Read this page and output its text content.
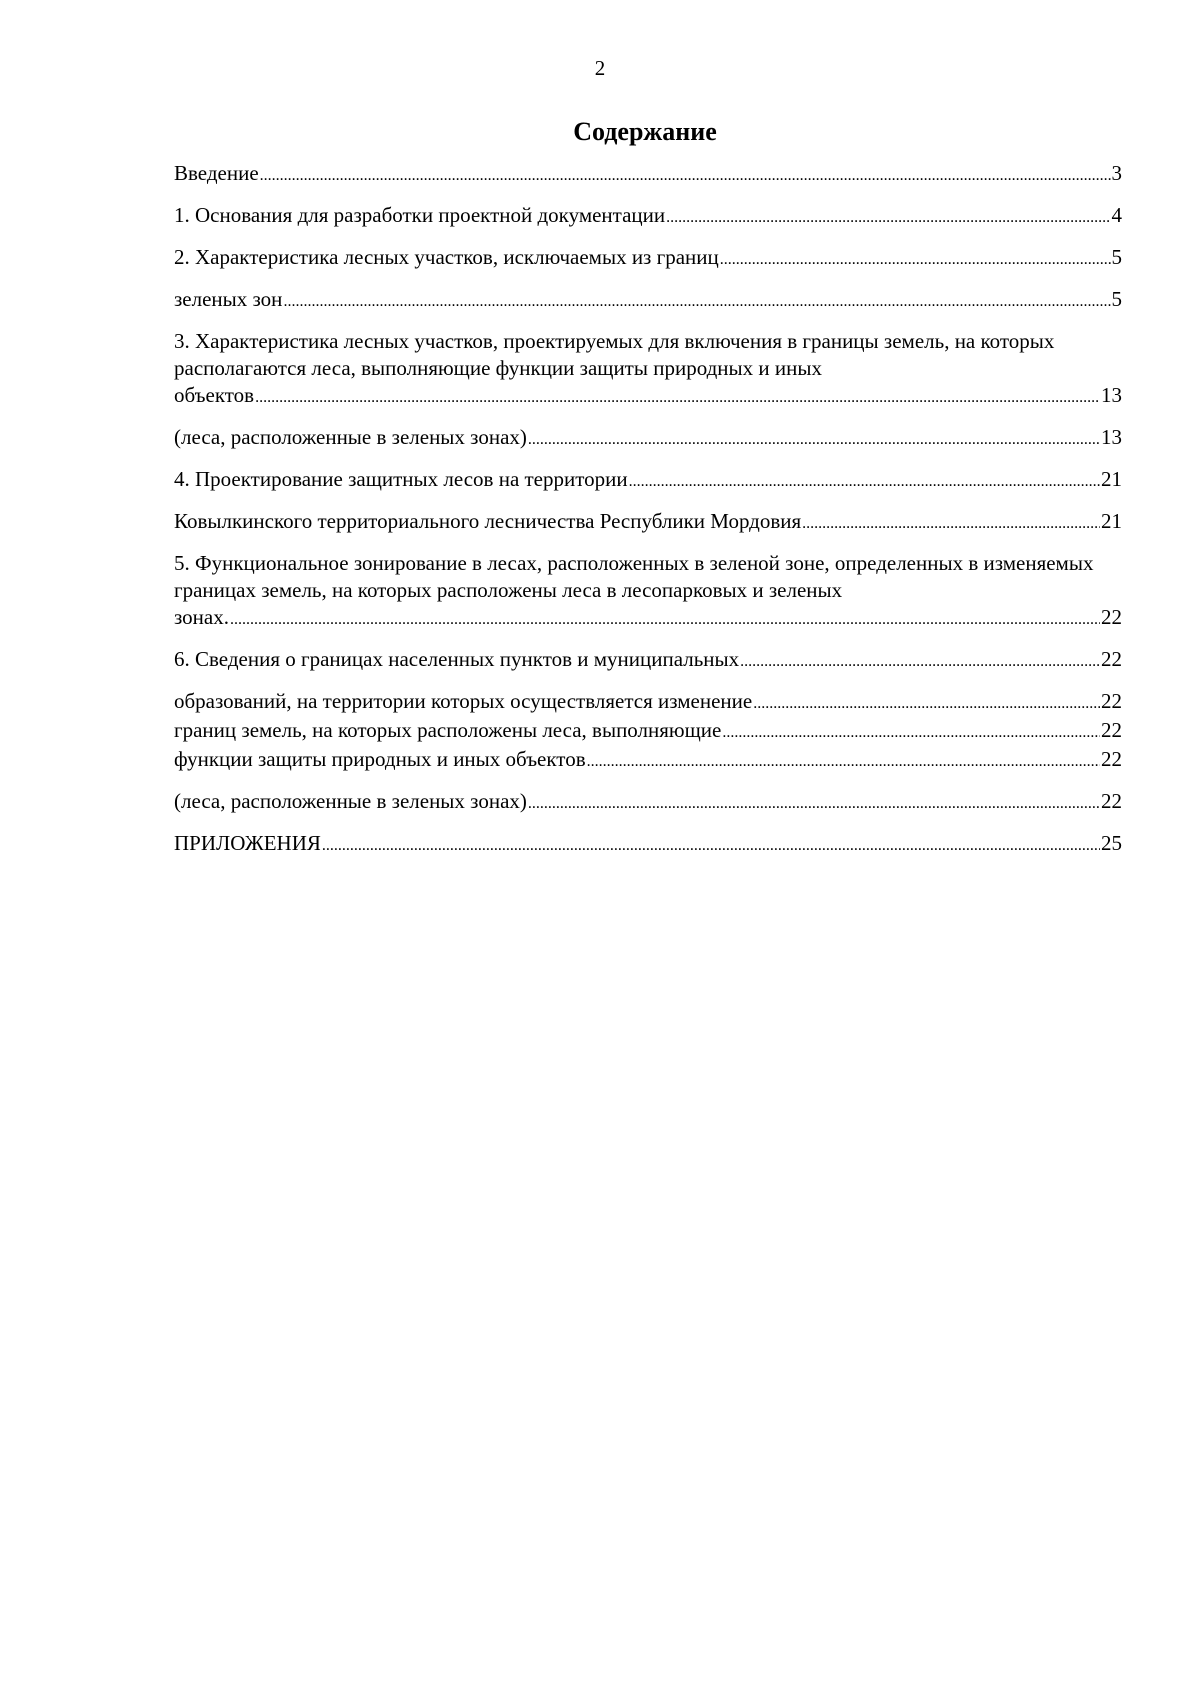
2
Содержание
Введение .....	3
1. Основания для разработки проектной документации .....	4
2. Характеристика лесных участков, исключаемых из границ .....	5
зеленых зон .....	5
3. Характеристика лесных участков, проектируемых для включения в границы земель, на которых располагаются леса, выполняющие функции защиты природных и иных
объектов .....	13
(леса, расположенные в зеленых зонах) .....	13
4. Проектирование защитных лесов на территории .....	21
Ковылкинского территориального лесничества Республики Мордовия .....	21
5. Функциональное зонирование в лесах, расположенных в зеленой зоне, определенных в изменяемых границах земель, на которых расположены леса в лесопарковых и зеленых
зонах. .....	22
6. Сведения о границах населенных пунктов и муниципальных .....	22
образований, на территории которых осуществляется изменение .....	22
границ земель, на которых расположены леса, выполняющие .....	22
функции защиты природных и иных объектов .....	22
(леса, расположенные в зеленых зонах) .....	22
ПРИЛОЖЕНИЯ .....	25
